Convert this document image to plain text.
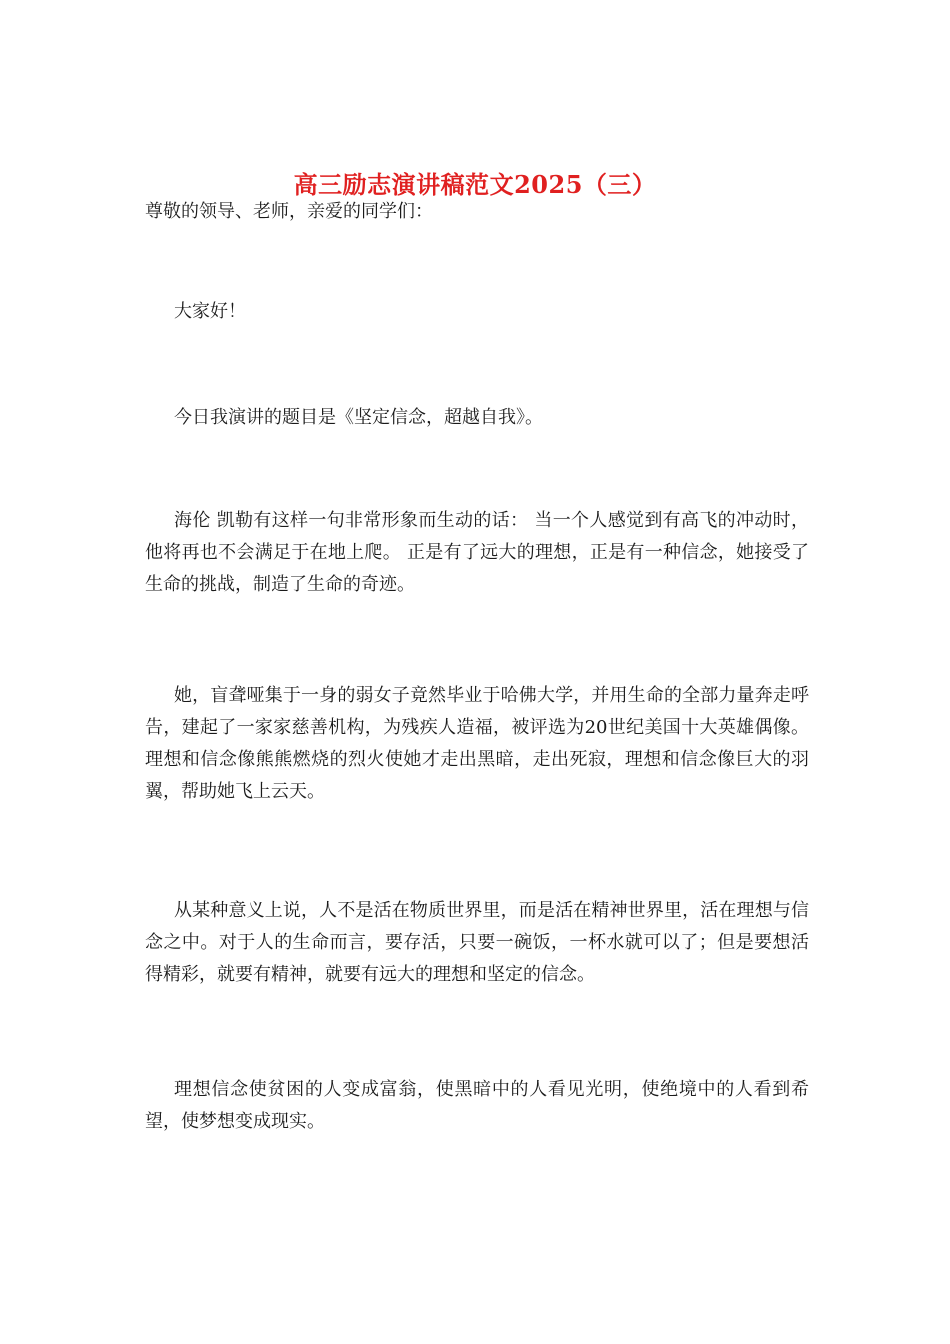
高三励志演讲稿范文2025（三）

尊敬的领导、老师，亲爱的同学们：

大家好！

今日我演讲的题目是《坚定信念，超越自我》。

海伦 凯勒有这样一句非常形象而生动的话： 当一个人感觉到有高飞的冲动时，他将再也不会满足于在地上爬。 正是有了远大的理想，正是有一种信念，她接受了生命的挑战，制造了生命的奇迹。

她，盲聋哑集于一身的弱女子竟然毕业于哈佛大学，并用生命的全部力量奔走呼告，建起了一家家慈善机构，为残疾人造福，被评选为20世纪美国十大英雄偶像。理想和信念像熊熊燃烧的烈火使她才走出黑暗，走出死寂，理想和信念像巨大的羽翼，帮助她飞上云天。

从某种意义上说，人不是活在物质世界里，而是活在精神世界里，活在理想与信念之中。对于人的生命而言，要存活，只要一碗饭，一杯水就可以了；但是要想活得精彩，就要有精神，就要有远大的理想和坚定的信念。

理想信念使贫困的人变成富翁，使黑暗中的人看见光明，使绝境中的人看到希望，使梦想变成现实。
